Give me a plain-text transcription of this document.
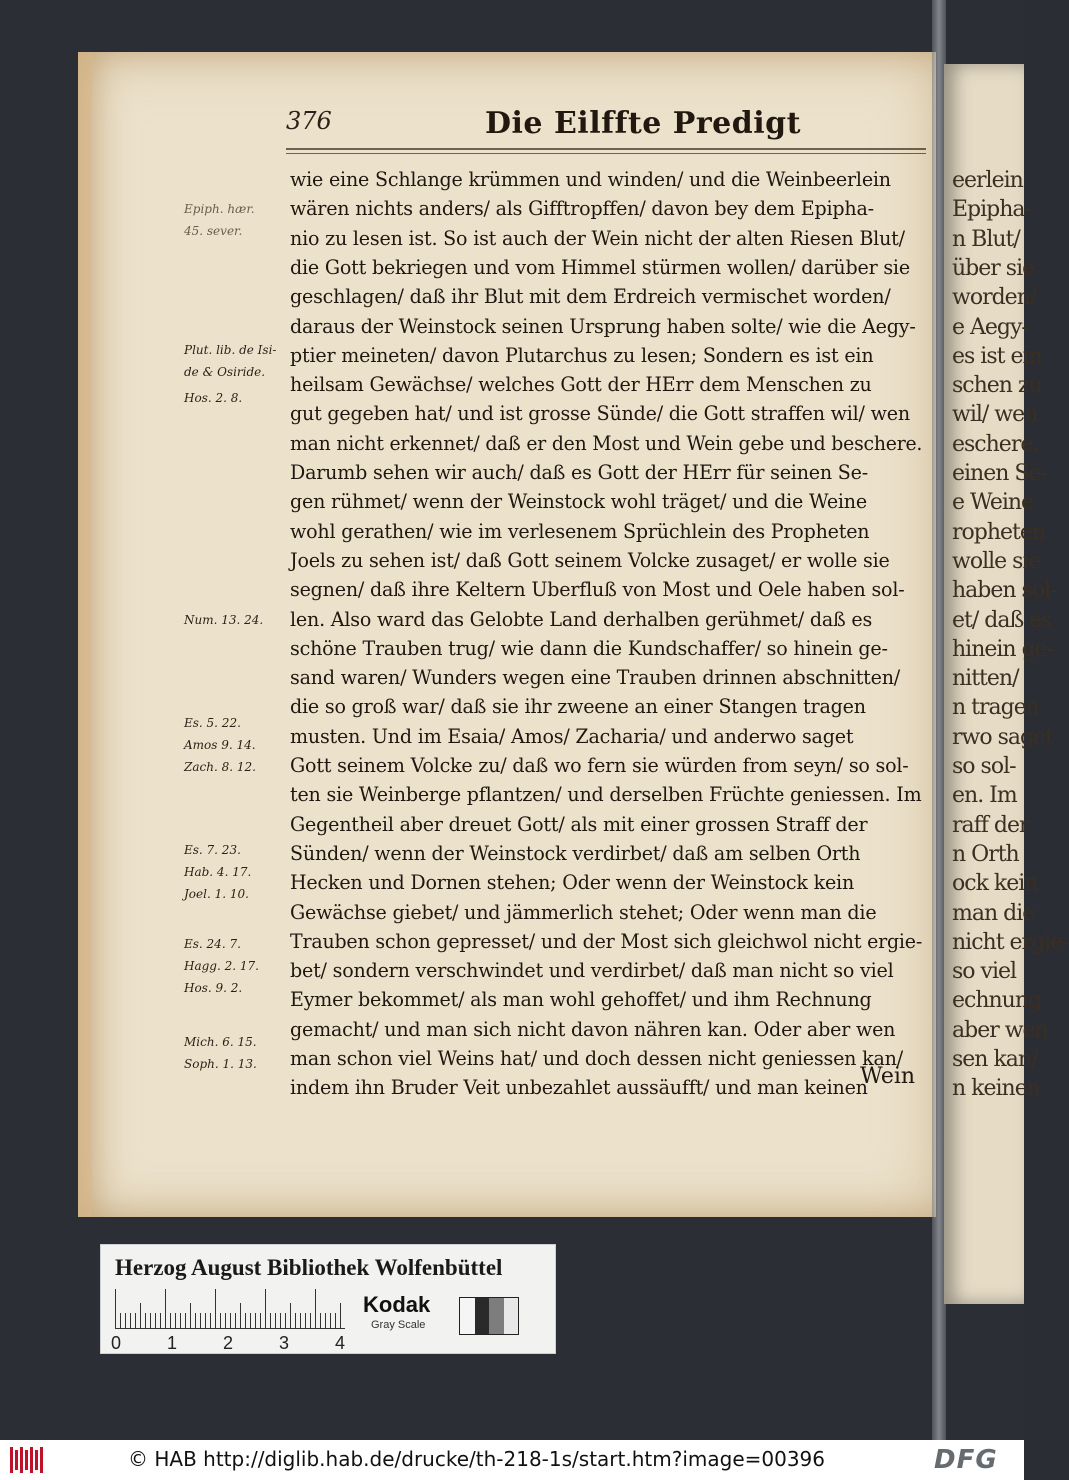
eerlein
Epipha-
n Blut/
über sie
worden/
e Aegy-
es ist ein
schen zu
wil/ wen
eschere.
einen Se-
e Weine
ropheten
wolle sie
haben sol-
et/ daß es
hinein ge-
nitten/
n tragen
rwo saget
so sol-
en. Im
raff der
n Orth
ock kein
man die
nicht ergie-
so viel
echnung
aber wen
sen kan/
n keinen
376	Die Eilffte Predigt
wie eine Schlange krümmen und winden/ und die Weinbeerlein
wären nichts anders/ als Gifftropffen/ davon bey dem Epipha-
nio zu lesen ist. So ist auch der Wein nicht der alten Riesen Blut/
die Gott bekriegen und vom Himmel stürmen wollen/ darüber sie
geschlagen/ daß ihr Blut mit dem Erdreich vermischet worden/
daraus der Weinstock seinen Ursprung haben solte/ wie die Aegy-
ptier meineten/ davon Plutarchus zu lesen; Sondern es ist ein
heilsam Gewächse/ welches Gott der HErr dem Menschen zu
gut gegeben hat/ und ist grosse Sünde/ die Gott straffen wil/ wen
man nicht erkennet/ daß er den Most und Wein gebe und beschere.
Darumb sehen wir auch/ daß es Gott der HErr für seinen Se-
gen rühmet/ wenn der Weinstock wohl träget/ und die Weine
wohl gerathen/ wie im verlesenem Sprüchlein des Propheten
Joels zu sehen ist/ daß Gott seinem Volcke zusaget/ er wolle sie
segnen/ daß ihre Keltern Uberfluß von Most und Oele haben sol-
len. Also ward das Gelobte Land derhalben gerühmet/ daß es
schöne Trauben trug/ wie dann die Kundschaffer/ so hinein ge-
sand waren/ Wunders wegen eine Trauben drinnen abschnitten/
die so groß war/ daß sie ihr zweene an einer Stangen tragen
musten. Und im Esaia/ Amos/ Zacharia/ und anderwo saget
Gott seinem Volcke zu/ daß wo fern sie würden from seyn/ so sol-
ten sie Weinberge pflantzen/ und derselben Früchte geniessen. Im
Gegentheil aber dreuet Gott/ als mit einer grossen Straff der
Sünden/ wenn der Weinstock verdirbet/ daß am selben Orth
Hecken und Dornen stehen; Oder wenn der Weinstock kein
Gewächse giebet/ und jämmerlich stehet; Oder wenn man die
Trauben schon gepresset/ und der Most sich gleichwol nicht ergie-
bet/ sondern verschwindet und verdirbet/ daß man nicht so viel
Eymer bekommet/ als man wohl gehoffet/ und ihm Rechnung
gemacht/ und man sich nicht davon nähren kan. Oder aber wen
man schon viel Weins hat/ und doch dessen nicht geniessen kan/
indem ihn Bruder Veit unbezahlet aussäufft/ und man keinen
Epiph. hær.
45. sever.
Plut. lib. de Isi-
de & Osiride.
Hos. 2. 8.
Num. 13. 24.
Es. 5. 22.
Amos 9. 14.
Zach. 8. 12.
Es. 7. 23.
Hab. 4. 17.
Joel. 1. 10.
Es. 24. 7.
Hagg. 2. 17.
Hos. 9. 2.
Mich. 6. 15.
Soph. 1. 13.	Wein
Herzog August Bibliothek Wolfenbüttel
0	1	2	3	4
Kodak
Gray Scale
© HAB http://diglib.hab.de/drucke/th-218-1s/start.htm?image=00396	DFG
